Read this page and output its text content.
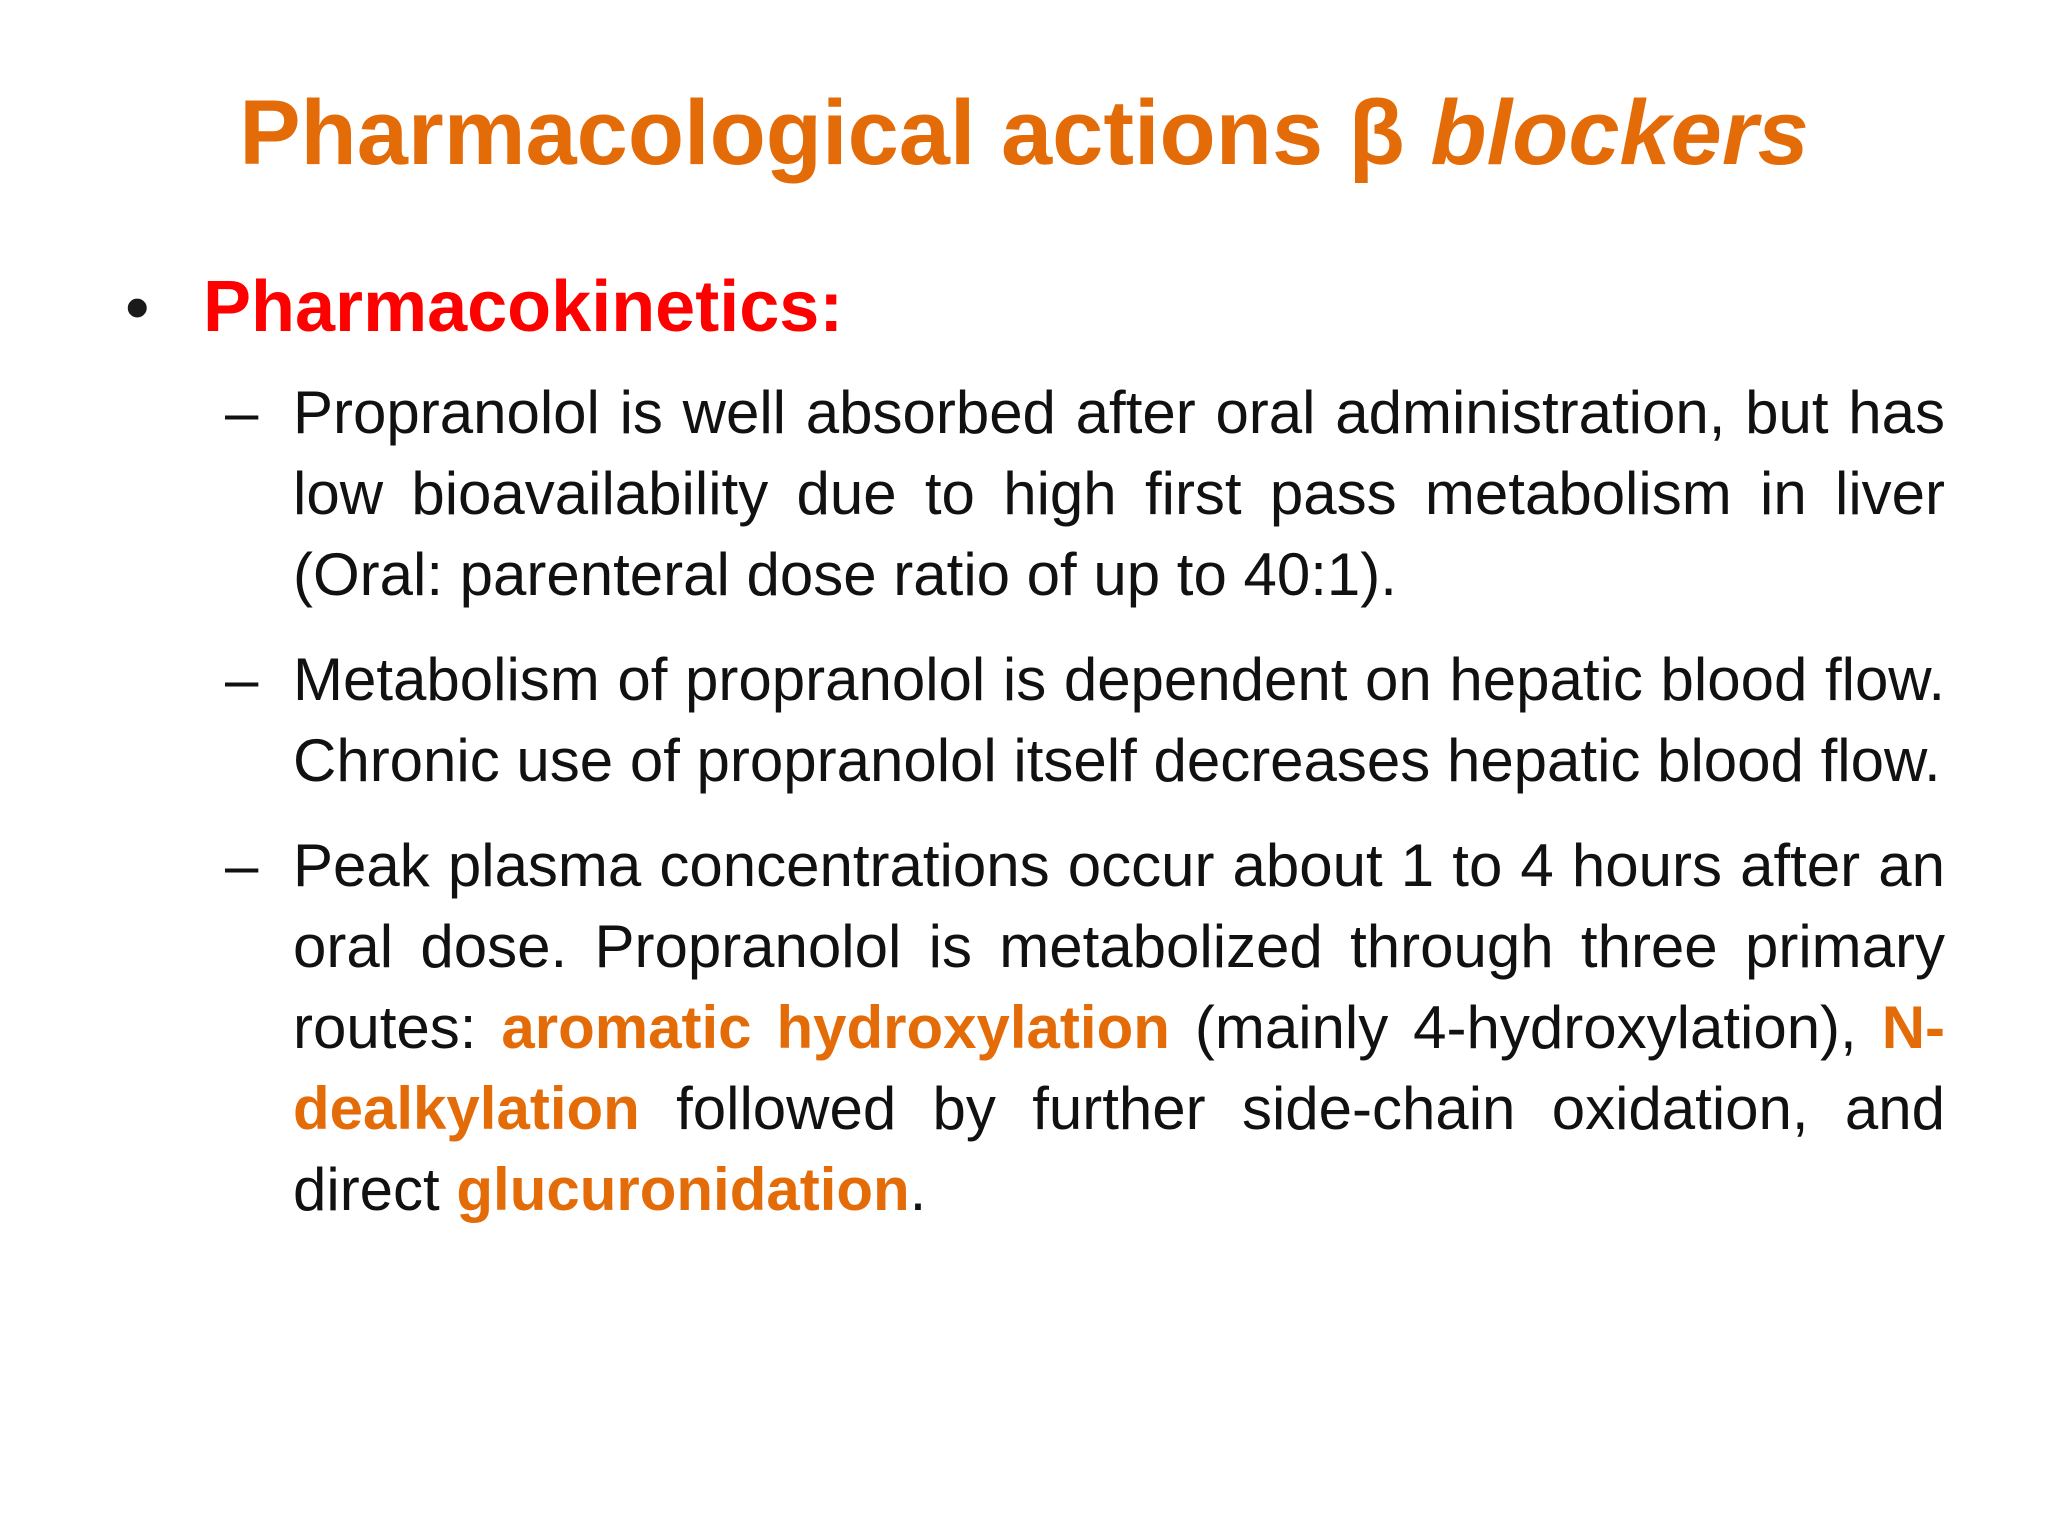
Pharmacological actions β blockers
• Pharmacokinetics:
– Propranolol is well absorbed after oral administration, but has low bioavailability due to high first pass metabolism in liver (Oral: parenteral dose ratio of up to 40:1).
– Metabolism of propranolol is dependent on hepatic blood flow. Chronic use of propranolol itself decreases hepatic blood flow.
– Peak plasma concentrations occur about 1 to 4 hours after an oral dose. Propranolol is metabolized through three primary routes: aromatic hydroxylation (mainly 4-hydroxylation), N-dealkylation followed by further side-chain oxidation, and direct glucuronidation.
